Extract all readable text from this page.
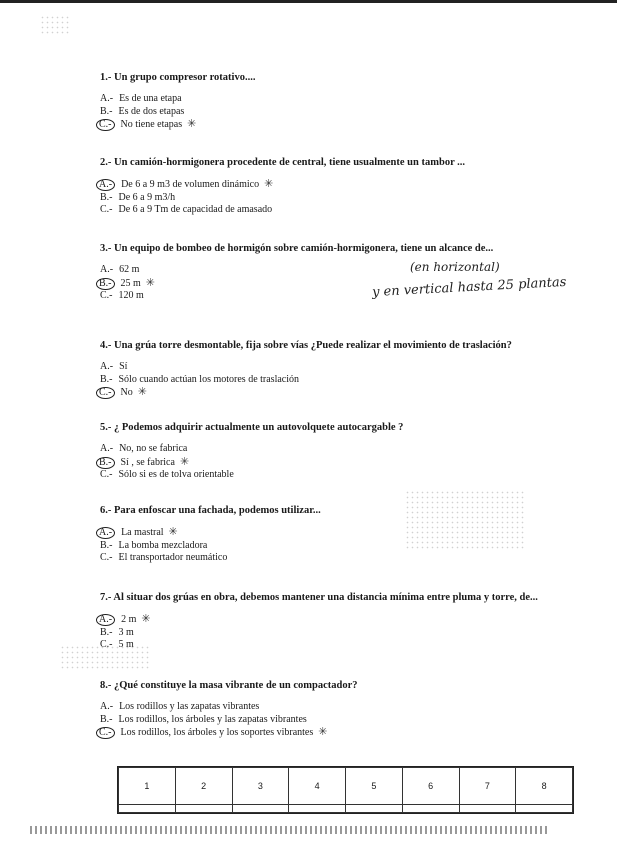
1.- Un grupo compresor rotativo....
A.- Es de una etapa
B.- Es de dos etapas
C.- No tiene etapas ✳
2.- Un camión-hormigonera procedente de central, tiene usualmente un tambor ...
A.- De 6 a 9 m3 de volumen dinámico ✳
B.- De 6 a 9 m3/h
C.- De 6 a 9 Tm de capacidad de amasado
3.- Un equipo de bombeo de hormigón sobre camión-hormigonera, tiene un alcance de...
A.- 62 m
B.- 25 m ✳
C.- 120 m
4.- Una grúa torre desmontable, fija sobre vías ¿Puede realizar el movimiento de traslación?
A.- Sí
B.- Sólo cuando actúan los motores de traslación
C.- No ✳
5.- ¿ Podemos adquirir actualmente un autovolquete autocargable ?
A.- No, no se fabrica
B.- Sí , se fabrica ✳
C.- Sólo si es de tolva orientable
6.- Para enfoscar una fachada, podemos utilizar...
A.- La mastral ✳
B.- La bomba mezcladora
C.- El transportador neumático
7.- Al situar dos grúas en obra, debemos mantener una distancia mínima entre pluma y torre, de...
A.- 2 m ✳
B.- 3 m
C.- 5 m
8.- ¿Qué constituye la masa vibrante de un compactador?
A.- Los rodillos y las zapatas vibrantes
B.- Los rodillos, los árboles y las zapatas vibrantes
C.- Los rodillos, los árboles y los soportes vibrantes ✳
(en horizontal)
y en vertical hasta 25 plantas
1	2	3	4	5	6	7	8
